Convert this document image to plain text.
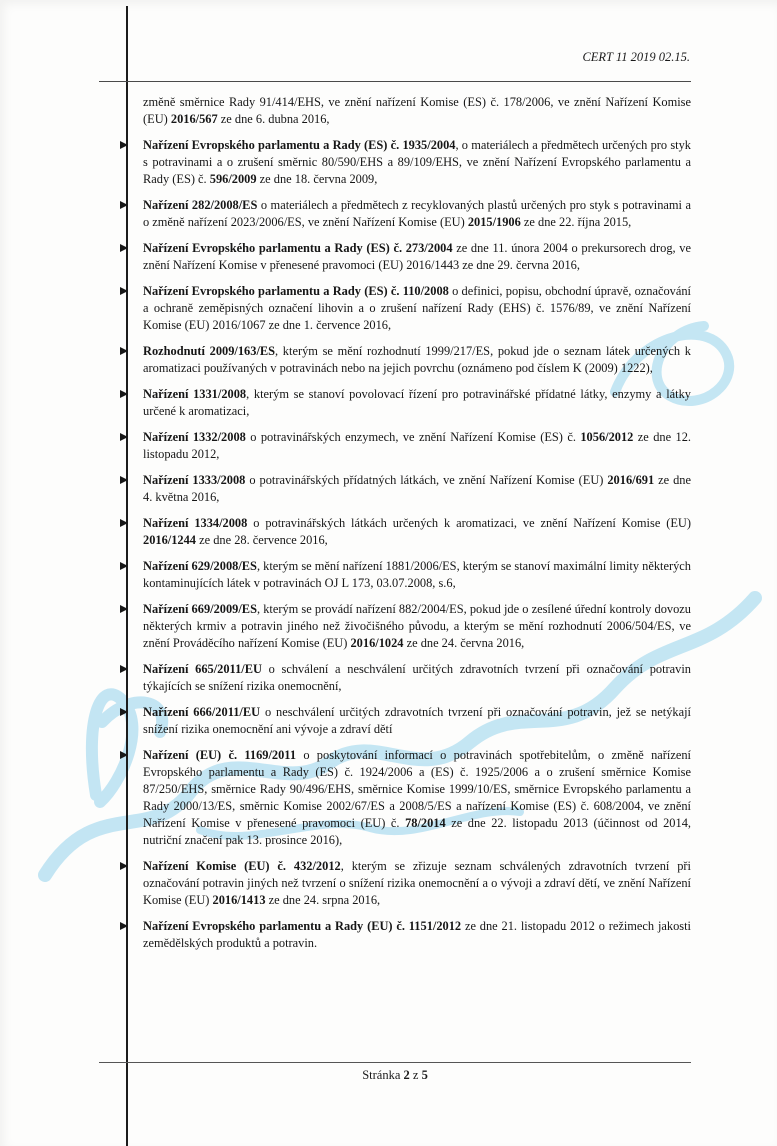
CERT 11 2019 02.15.

změně směrnice Rady 91/414/EHS, ve znění nařízení Komise (ES) č. 178/2006, ve znění Nařízení Komise (EU) 2016/567 ze dne 6. dubna 2016,

Nařízení Evropského parlamentu a Rady (ES) č. 1935/2004, o materiálech a předmětech určených pro styk s potravinami a o zrušení směrnic 80/590/EHS a 89/109/EHS, ve znění Nařízení Evropského parlamentu a Rady (ES) č. 596/2009 ze dne 18. června 2009,
Nařízení 282/2008/ES o materiálech a předmětech z recyklovaných plastů určených pro styk s potravinami a o změně nařízení 2023/2006/ES, ve znění Nařízení Komise (EU) 2015/1906 ze dne 22. října 2015,
Nařízení Evropského parlamentu a Rady (ES) č. 273/2004 ze dne 11. února 2004 o prekursorech drog, ve znění Nařízení Komise v přenesené pravomoci (EU) 2016/1443 ze dne 29. června 2016,
Nařízení Evropského parlamentu a Rady (ES) č. 110/2008 o definici, popisu, obchodní úpravě, označování a ochraně zeměpisných označení lihovin a o zrušení nařízení Rady (EHS) č. 1576/89, ve znění Nařízení Komise (EU) 2016/1067 ze dne 1. července 2016,
Rozhodnutí 2009/163/ES, kterým se mění rozhodnutí 1999/217/ES, pokud jde o seznam látek určených k aromatizaci používaných v potravinách nebo na jejich povrchu (oznámeno pod číslem K (2009) 1222),
Nařízení 1331/2008, kterým se stanoví povolovací řízení pro potravinářské přídatné látky, enzymy a látky určené k aromatizaci,
Nařízení 1332/2008 o potravinářských enzymech, ve znění Nařízení Komise (ES) č. 1056/2012 ze dne 12. listopadu 2012,
Nařízení 1333/2008 o potravinářských přídatných látkách, ve znění Nařízení Komise (EU) 2016/691 ze dne 4. května 2016,
Nařízení 1334/2008 o potravinářských látkách určených k aromatizaci, ve znění Nařízení Komise (EU) 2016/1244 ze dne 28. července 2016,
Nařízení 629/2008/ES, kterým se mění nařízení 1881/2006/ES, kterým se stanoví maximální limity některých kontaminujících látek v potravinách OJ L 173, 03.07.2008, s.6,
Nařízení 669/2009/ES, kterým se provádí nařízení 882/2004/ES, pokud jde o zesílené úřední kontroly dovozu některých krmiv a potravin jiného než živočišného původu, a kterým se mění rozhodnutí 2006/504/ES, ve znění Prováděcího nařízení Komise (EU) 2016/1024 ze dne 24. června 2016,
Nařízení 665/2011/EU o schválení a neschválení určitých zdravotních tvrzení při označování potravin týkajících se snížení rizika onemocnění,
Nařízení 666/2011/EU o neschválení určitých zdravotních tvrzení při označování potravin, jež se netýkají snížení rizika onemocnění ani vývoje a zdraví dětí
Nařízení (EU) č. 1169/2011 o poskytování informací o potravinách spotřebitelům, o změně nařízení Evropského parlamentu a Rady (ES) č. 1924/2006 a (ES) č. 1925/2006 a o zrušení směrnice Komise 87/250/EHS, směrnice Rady 90/496/EHS, směrnice Komise 1999/10/ES, směrnice Evropského parlamentu a Rady 2000/13/ES, směrnic Komise 2002/67/ES a 2008/5/ES a nařízení Komise (ES) č. 608/2004, ve znění Nařízení Komise v přenesené pravomoci (EU) č. 78/2014 ze dne 22. listopadu 2013 (účinnost od 2014, nutriční značení pak 13. prosince 2016),
Nařízení Komise (EU) č. 432/2012, kterým se zřizuje seznam schválených zdravotních tvrzení při označování potravin jiných než tvrzení o snížení rizika onemocnění a o vývoji a zdraví dětí, ve znění Nařízení Komise (EU) 2016/1413 ze dne 24. srpna 2016,
Nařízení Evropského parlamentu a Rady (EU) č. 1151/2012 ze dne 21. listopadu 2012 o režimech jakosti zemědělských produktů a potravin.
Stránka 2 z 5
